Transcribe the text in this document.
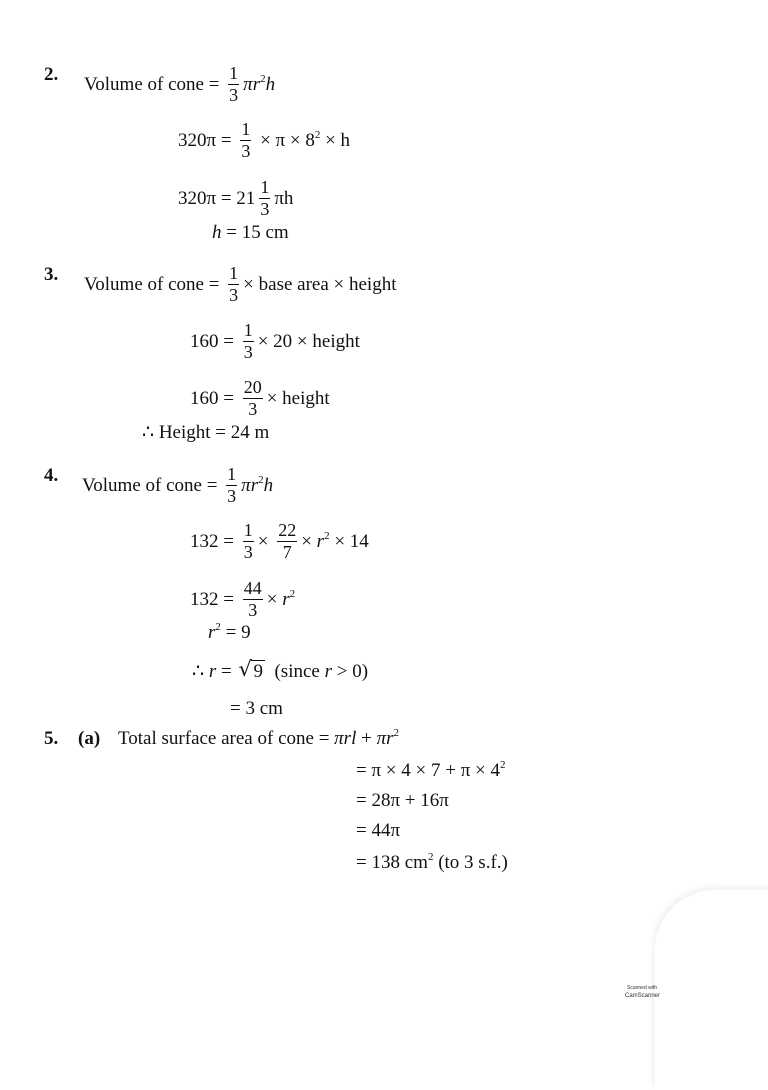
2. Volume of cone = $\frac{1}{3} \pi r^2h$
$320\pi = \frac{1}{3} \times \pi \times 8^2 \times h$
$320\pi = 21 \frac{1}{3}$ πh
h = 15 cm
3. Volume of cone = $\frac{1}{3}$ × base area × height
$160 = \frac{1}{3} \times 20$ × height
$160 = \frac{20}{3}$ × height
∴ Height = 24 m
4. Volume of cone = $\frac{1}{3} \pi r^2h$
$132 = \frac{1}{3} \times \frac{22}{7} \times r^2 \times 14$
$132 = \frac{44}{3} \times r^2$
$r^2 = 9$
∴ r = √ 9 (since r > 0)
= 3 cm
5. (a) Total surface area of cone = $\pi rl + \pi r^2$
= $\pi \times 4 \times 7 + \pi \times 4^2$
= 28π + 16π
= 44π
= 138 $cm^2$ (to 3 s.f.)
Scanned with
CamScanner
